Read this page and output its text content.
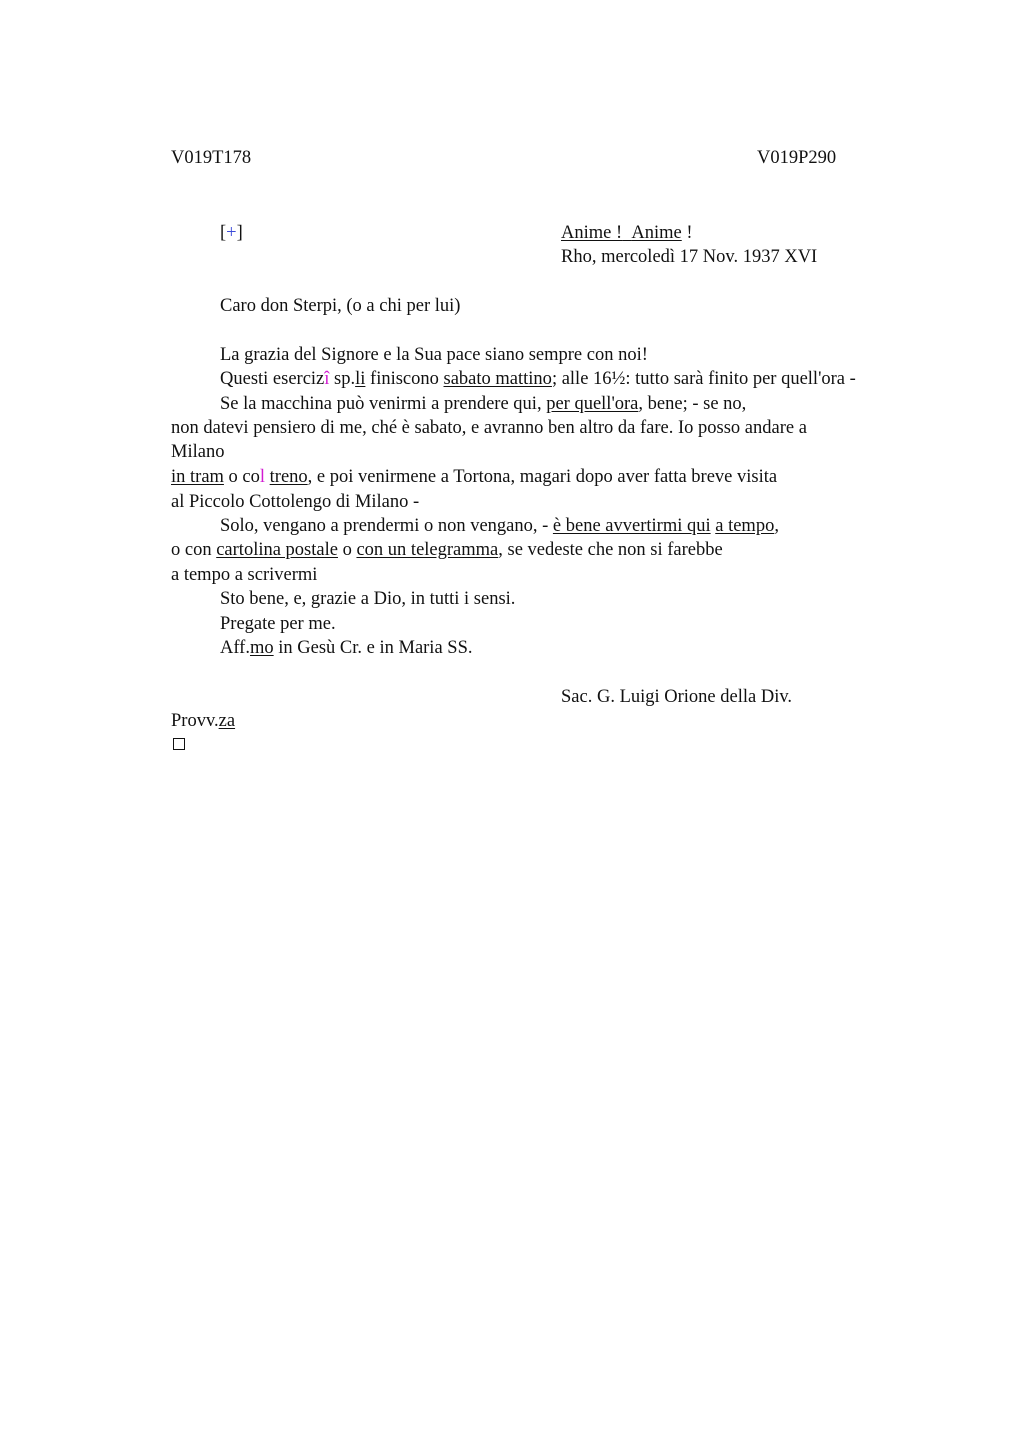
V019T178	V019P290
[+]	Anime ! Anime !
Rho, mercoledì 17 Nov. 1937 XVI
Caro don Sterpi, (o a chi per lui)
La grazia del Signore e la Sua pace siano sempre con noi!
Questi esercizî sp.li finiscono sabato mattino; alle 16½: tutto sarà finito per quell'ora -
Se la macchina può venirmi a prendere qui, per quell'ora, bene; - se no,
non datevi pensiero di me, ché è sabato, e avranno ben altro da fare. Io posso andare a
Milano
in tram o col treno, e poi venirmene a Tortona, magari dopo aver fatta breve visita
al Piccolo Cottolengo di Milano -
Solo, vengano a prendermi o non vengano, - è bene avvertirmi qui a tempo,
o con cartolina postale o con un telegramma, se vedeste che non si farebbe
a tempo a scrivermi
Sto bene, e, grazie a Dio, in tutti i sensi.
Pregate per me.
Aff.mo in Gesù Cr. e in Maria SS.
Sac. G. Luigi Orione della Div.
Provv.za
